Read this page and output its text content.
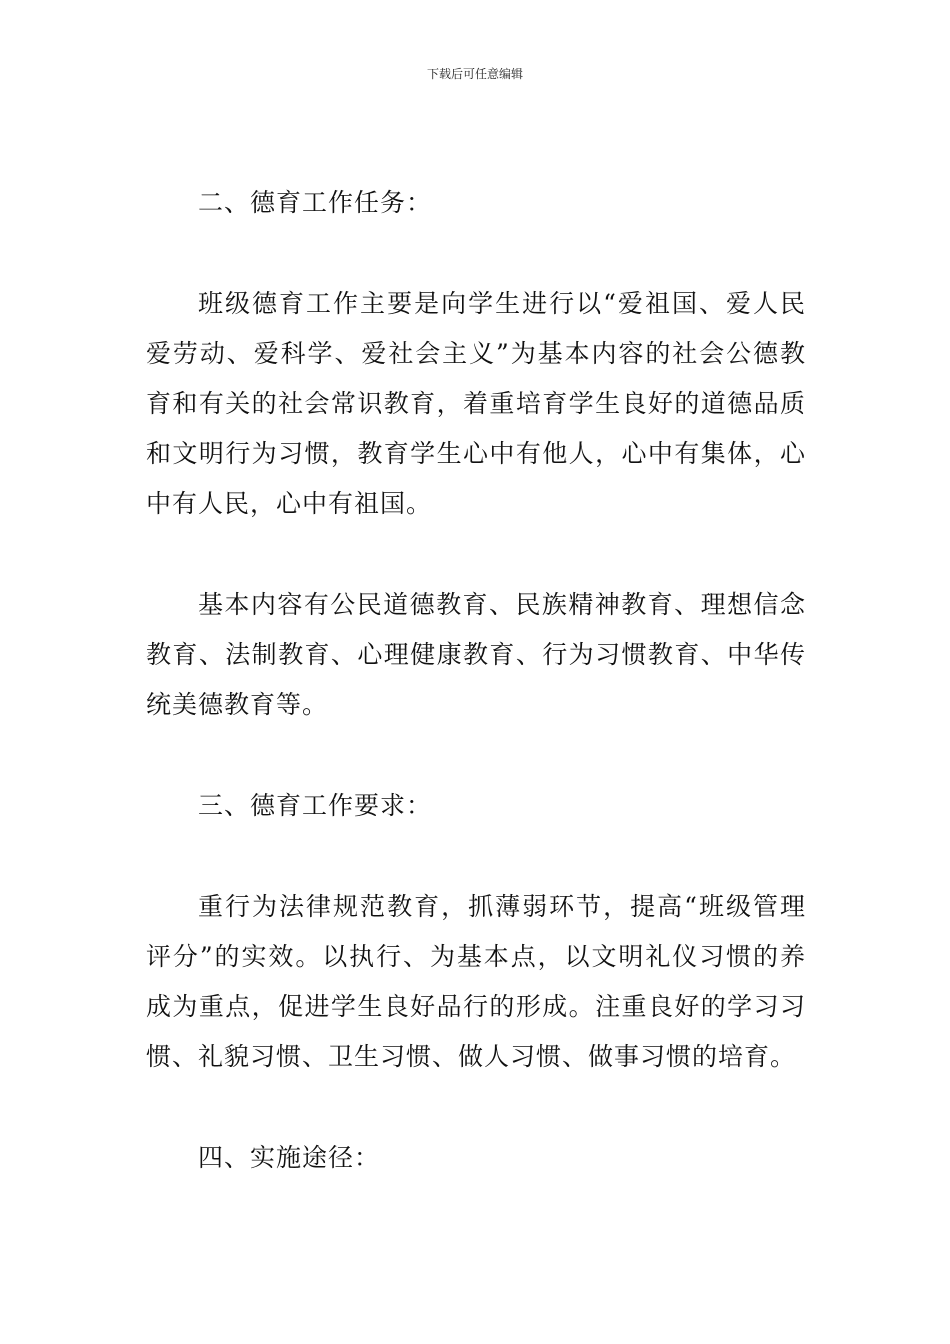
下载后可任意编辑

二、德育工作任务：

班级德育工作主要是向学生进行以“爱祖国、爱人民爱劳动、爱科学、爱社会主义”为基本内容的社会公德教育和有关的社会常识教育，着重培育学生良好的道德品质和文明行为习惯，教育学生心中有他人，心中有集体，心中有人民，心中有祖国。

基本内容有公民道德教育、民族精神教育、理想信念教育、法制教育、心理健康教育、行为习惯教育、中华传统美德教育等。

三、德育工作要求：

重行为法律规范教育，抓薄弱环节，提高“班级管理评分”的实效。以执行、为基本点，以文明礼仪习惯的养成为重点，促进学生良好品行的形成。注重良好的学习习惯、礼貌习惯、卫生习惯、做人习惯、做事习惯的培育。

四、实施途径：
